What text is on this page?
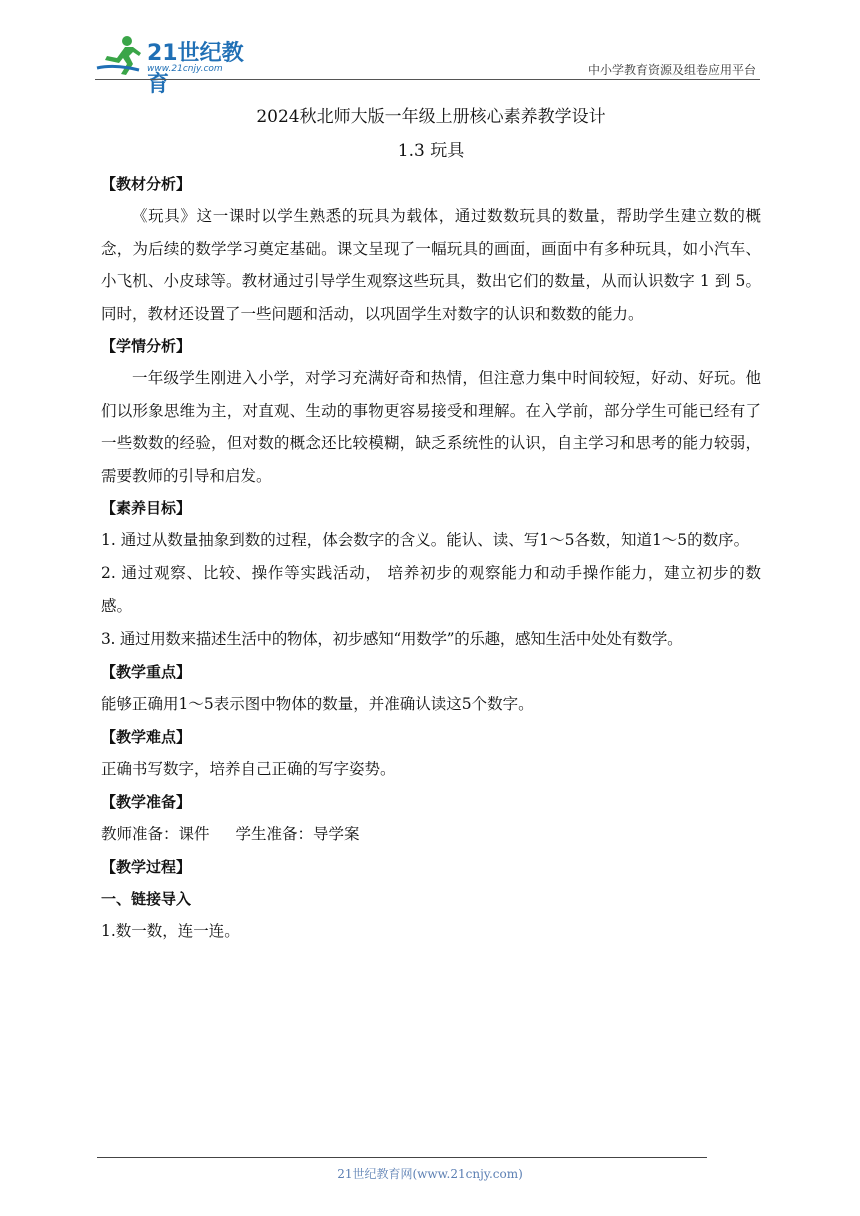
21世纪教育
www.21cnjy.com	中小学教育资源及组卷应用平台

2024秋北师大版一年级上册核心素养教学设计

1.3 玩具

【教材分析】

《玩具》这一课时以学生熟悉的玩具为载体，通过数数玩具的数量，帮助学生建立数的概念，为后续的数学学习奠定基础。课文呈现了一幅玩具的画面，画面中有多种玩具，如小汽车、小飞机、小皮球等。教材通过引导学生观察这些玩具，数出它们的数量，从而认识数字 1 到 5。同时，教材还设置了一些问题和活动，以巩固学生对数字的认识和数数的能力。

【学情分析】

一年级学生刚进入小学，对学习充满好奇和热情，但注意力集中时间较短，好动、好玩。他们以形象思维为主，对直观、生动的事物更容易接受和理解。在入学前，部分学生可能已经有了一些数数的经验，但对数的概念还比较模糊，缺乏系统性的认识，自主学习和思考的能力较弱，需要教师的引导和启发。

【素养目标】

1. 通过从数量抽象到数的过程，体会数字的含义。能认、读、写1～5各数，知道1～5的数序。

2. 通过观察、比较、操作等实践活动， 培养初步的观察能力和动手操作能力，建立初步的数感。

3. 通过用数来描述生活中的物体，初步感知“用数学”的乐趣，感知生活中处处有数学。

【教学重点】

能够正确用1～5表示图中物体的数量，并准确认读这5个数字。

【教学难点】

正确书写数字，培养自己正确的写字姿势。

【教学准备】

教师准备：课件 学生准备：导学案

【教学过程】

一、链接导入

1.数一数，连一连。

21世纪教育网(www.21cnjy.com)
